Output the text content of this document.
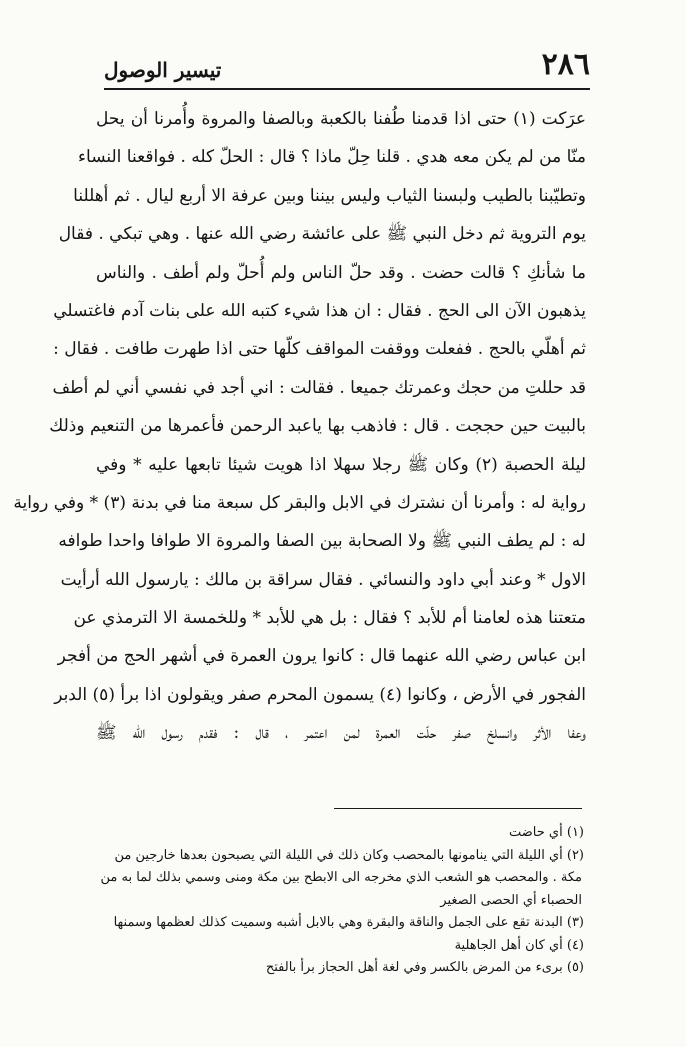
٢٨٦
تيسير الوصول
عرَكت (١) حتى اذا قدمنا طُفنا بالكعبة وبالصفا والمروة وأُمرنا أن يحل
منّا من لم يكن معه هدي . قلنا حِلّ ماذا ؟ قال : الحلّ كله . فواقعنا النساء
وتطيّبنا بالطيب ولبسنا الثياب وليس بيننا وبين عرفة الا أربع ليال . ثم أهللنا
يوم التروية ثم دخل النبي ﷺ على عائشة رضي الله عنها . وهي تبكي . فقال
ما شأنكِ ؟ قالت حضت . وقد حلّ الناس ولم أُحلّ ولم أطف . والناس
يذهبون الآن الى الحج . فقال : ان هذا شيء كتبه الله على بنات آدم فاغتسلي
ثم أهلّي بالحج . ففعلت ووقفت المواقف كلّها حتى اذا طهرت طافت . فقال :
قد حللتِ من حجك وعمرتك جميعا . فقالت : اني أجد في نفسي أني لم أطف
بالبيت حين حججت . قال : فاذهب بها ياعبد الرحمن فأعمرها من التنعيم وذلك
ليلة الحصبة (٢) وكان ﷺ رجلا سهلا اذا هويت شيئا تابعها عليه * وفي
رواية له : وأمرنا أن نشترك في الابل والبقر كل سبعة منا في بدنة (٣) * وفي رواية
له : لم يطف النبي ﷺ ولا الصحابة بين الصفا والمروة الا طوافا واحدا طوافه
الاول * وعند أبي داود والنسائي . فقال سراقة بن مالك : يارسول الله أرأيت
متعتنا هذه لعامنا أم للأبد ؟ فقال : بل هي للأبد * وللخمسة الا الترمذي عن
ابن عباس رضي الله عنهما قال : كانوا يرون العمرة في أشهر الحج من أفجر
الفجور في الأرض ، وكانوا (٤) يسمون المحرم صفر ويقولون اذا برأ (٥) الدبر
وعفا الأثر وانسلخ صفر حلّت العمرة لمن اعتمر ، قال : فقدم رسول الله ﷺ
(١) أي حاضت
(٢) أي الليلة التي ينامونها بالمحصب وكان ذلك في الليلة التي يصبحون بعدها خارجين من
مكة . والمحصب هو الشعب الذي مخرجه الى الابطح بين مكة ومنى وسمي بذلك لما به من
الحصباء أي الحصى الصغير
(٣) البدنة تقع على الجمل والناقة والبقرة وهي بالابل أشبه وسميت كذلك لعظمها وسمنها
(٤) أي كان أهل الجاهلية
(٥) برىء من المرض بالكسر وفي لغة أهل الحجاز برأ بالفتح
